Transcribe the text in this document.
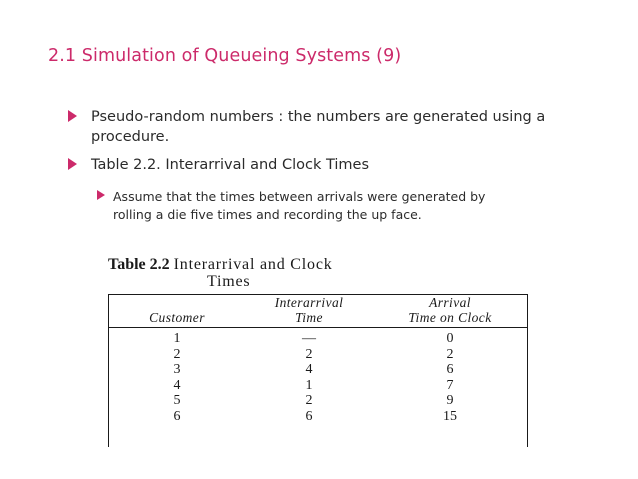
2.1 Simulation of Queueing Systems (9)
Pseudo-random numbers : the numbers are generated using a
procedure.
Table 2.2. Interarrival and Clock Times
Assume that the times between arrivals were generated by
rolling a die five times and recording the up face.
Table 2.2 Interarrival and Clock
Times
	Interarrival	Arrival
Customer	Time	Time on Clock
1	—	0
2	2	2
3	4	6
4	1	7
5	2	9
6	6	15
